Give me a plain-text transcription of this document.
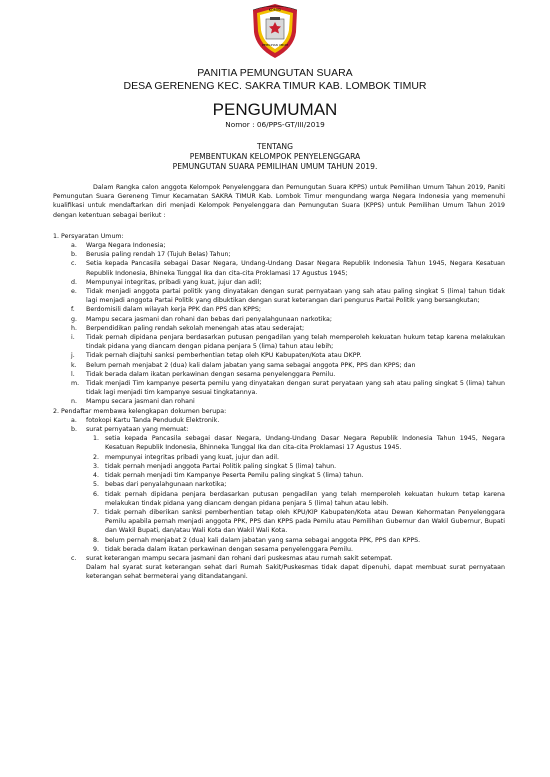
KOMISI
PEMILIHAN UMUM
PANITIA PEMUNGUTAN SUARA
DESA GERENENG KEC. SAKRA TIMUR KAB. LOMBOK TIMUR
PENGUMUMAN
Nomor : 06/PPS-GT/III/2019
TENTANG
PEMBENTUKAN KELOMPOK PENYELENGGARA
PEMUNGUTAN SUARA PEMILIHAN UMUM TAHUN 2019.

Dalam Rangka calon anggota Kelompok Penyelenggara dan Pemungutan Suara KPPS) untuk Pemilihan Umum Tahun 2019, Paniti Pemungutan Suara Gereneng Timur Kecamatan SAKRA TIMUR Kab. Lombok Timur mengundang warga Negara Indonesia yang memenuhi kualifikasi untuk mendaftarkan diri menjadi Kelompok Penyelenggara dan Pemungutan Suara (KPPS) untuk Pemilihan Umum Tahun 2019 dengan ketentuan sebagai berikut :

1. Persyaratan Umum:
a. Warga Negara Indonesia;
b. Berusia paling rendah 17 (Tujuh Belas) Tahun;
c. Setia kepada Pancasila sebagai Dasar Negara, Undang-Undang Dasar Negara Republik Indonesia Tahun 1945, Negara Kesatuan Republik Indonesia, Bhineka Tunggal Ika dan cita-cita Proklamasi 17 Agustus 1945;
d. Mempunyai integritas, pribadi yang kuat, jujur dan adil;
e. Tidak menjadi anggota partai politik yang dinyatakan dengan surat pernyataan yang sah atau paling singkat 5 (lima) tahun tidak lagi menjadi anggota Partai Politik yang dibuktikan dengan surat keterangan dari pengurus Partai Politik yang bersangkutan;
f. Berdomisili dalam wilayah kerja PPK dan PPS dan KPPS;
g. Mampu secara jasmani dan rohani dan bebas dari penyalahgunaan narkotika;
h. Berpendidikan paling rendah sekolah menengah atas atau sederajat;
i. Tidak pernah dipidana penjara berdasarkan putusan pengadilan yang telah memperoleh kekuatan hukum tetap karena melakukan tindak pidana yang diancam dengan pidana penjara 5 (lima) tahun atau lebih;
j. Tidak pernah diajtuhi sanksi pemberhentian tetap oleh KPU Kabupaten/Kota atau DKPP.
k. Belum pernah menjabat 2 (dua) kali dalam jabatan yang sama sebagai anggota PPK, PPS dan KPPS; dan
l. Tidak berada dalam ikatan perkawinan dengan sesama penyelenggara Pemilu.
m. Tidak menjadi Tim kampanye peserta pemilu yang dinyatakan dengan surat peryataan yang sah atau paling singkat 5 (lima) tahun tidak lagi menjadi tim kampanye sesuai tingkatannya.
n. Mampu secara jasmani dan rohani
2. Pendaftar membawa kelengkapan dokumen berupa:
a. fotokopi Kartu Tanda Penduduk Elektronik.
b. surat pernyataan yang memuat:
1. setia kepada Pancasila sebagai dasar Negara, Undang-Undang Dasar Negara Republik Indonesia Tahun 1945, Negara Kesatuan Republik Indonesia, Bhinneka Tunggal Ika dan cita-cita Proklamasi 17 Agustus 1945.
2. mempunyai integritas pribadi yang kuat, jujur dan adil.
3. tidak pernah menjadi anggota Partai Politik paling singkat 5 (lima) tahun.
4. tidak pernah menjadi tim Kampanye Peserta Pemilu paling singkat 5 (lima) tahun.
5. bebas dari penyalahgunaan narkotika;
6. tidak pernah dipidana penjara berdasarkan putusan pengadilan yang telah memperoleh kekuatan hukum tetap karena melakukan tindak pidana yang diancam dengan pidana penjara 5 (lima) tahun atau lebih.
7. tidak pernah diberikan sanksi pemberhentian tetap oleh KPU/KIP Kabupaten/Kota atau Dewan Kehormatan Penyelenggara Pemilu apabila pernah menjadi anggota PPK, PPS dan KPPS pada Pemilu atau Pemilihan Gubernur dan Wakil Gubernur, Bupati dan Wakil Bupati, dan/atau Wali Kota dan Wakil Wali Kota.
8. belum pernah menjabat 2 (dua) kali dalam jabatan yang sama sebagai anggota PPK, PPS dan KPPS.
9. tidak berada dalam ikatan perkawinan dengan sesama penyelenggara Pemilu.
c. surat keterangan mampu secara jasmani dan rohani dari puskesmas atau rumah sakit setempat.
Dalam hal syarat surat keterangan sehat dari Rumah Sakit/Puskesmas tidak dapat dipenuhi, dapat membuat surat pernyataan keterangan sehat bermeterai yang ditandatangani.
